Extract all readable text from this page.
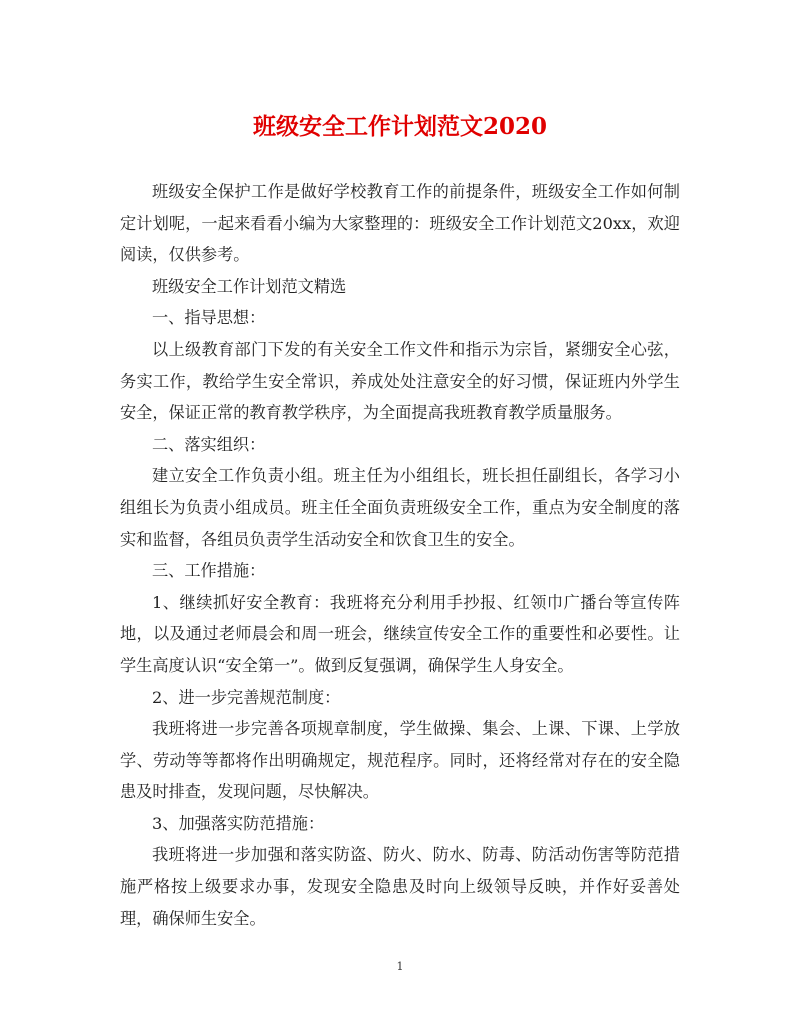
班级安全工作计划范文2020

班级安全保护工作是做好学校教育工作的前提条件，班级安全工作如何制定计划呢，一起来看看小编为大家整理的：班级安全工作计划范文20xx，欢迎阅读，仅供参考。

班级安全工作计划范文精选

一、指导思想：

以上级教育部门下发的有关安全工作文件和指示为宗旨，紧绷安全心弦，务实工作，教给学生安全常识，养成处处注意安全的好习惯，保证班内外学生安全，保证正常的教育教学秩序，为全面提高我班教育教学质量服务。

二、落实组织：

建立安全工作负责小组。班主任为小组组长，班长担任副组长，各学习小组组长为负责小组成员。班主任全面负责班级安全工作，重点为安全制度的落实和监督，各组员负责学生活动安全和饮食卫生的安全。

三、工作措施：

1、继续抓好安全教育：我班将充分利用手抄报、红领巾广播台等宣传阵地，以及通过老师晨会和周一班会，继续宣传安全工作的重要性和必要性。让学生高度认识“安全第一”。做到反复强调，确保学生人身安全。

2、进一步完善规范制度：

我班将进一步完善各项规章制度，学生做操、集会、上课、下课、上学放学、劳动等等都将作出明确规定，规范程序。同时，还将经常对存在的安全隐患及时排查，发现问题，尽快解决。

3、加强落实防范措施：

我班将进一步加强和落实防盗、防火、防水、防毒、防活动伤害等防范措施严格按上级要求办事，发现安全隐患及时向上级领导反映，并作好妥善处理，确保师生安全。

1
